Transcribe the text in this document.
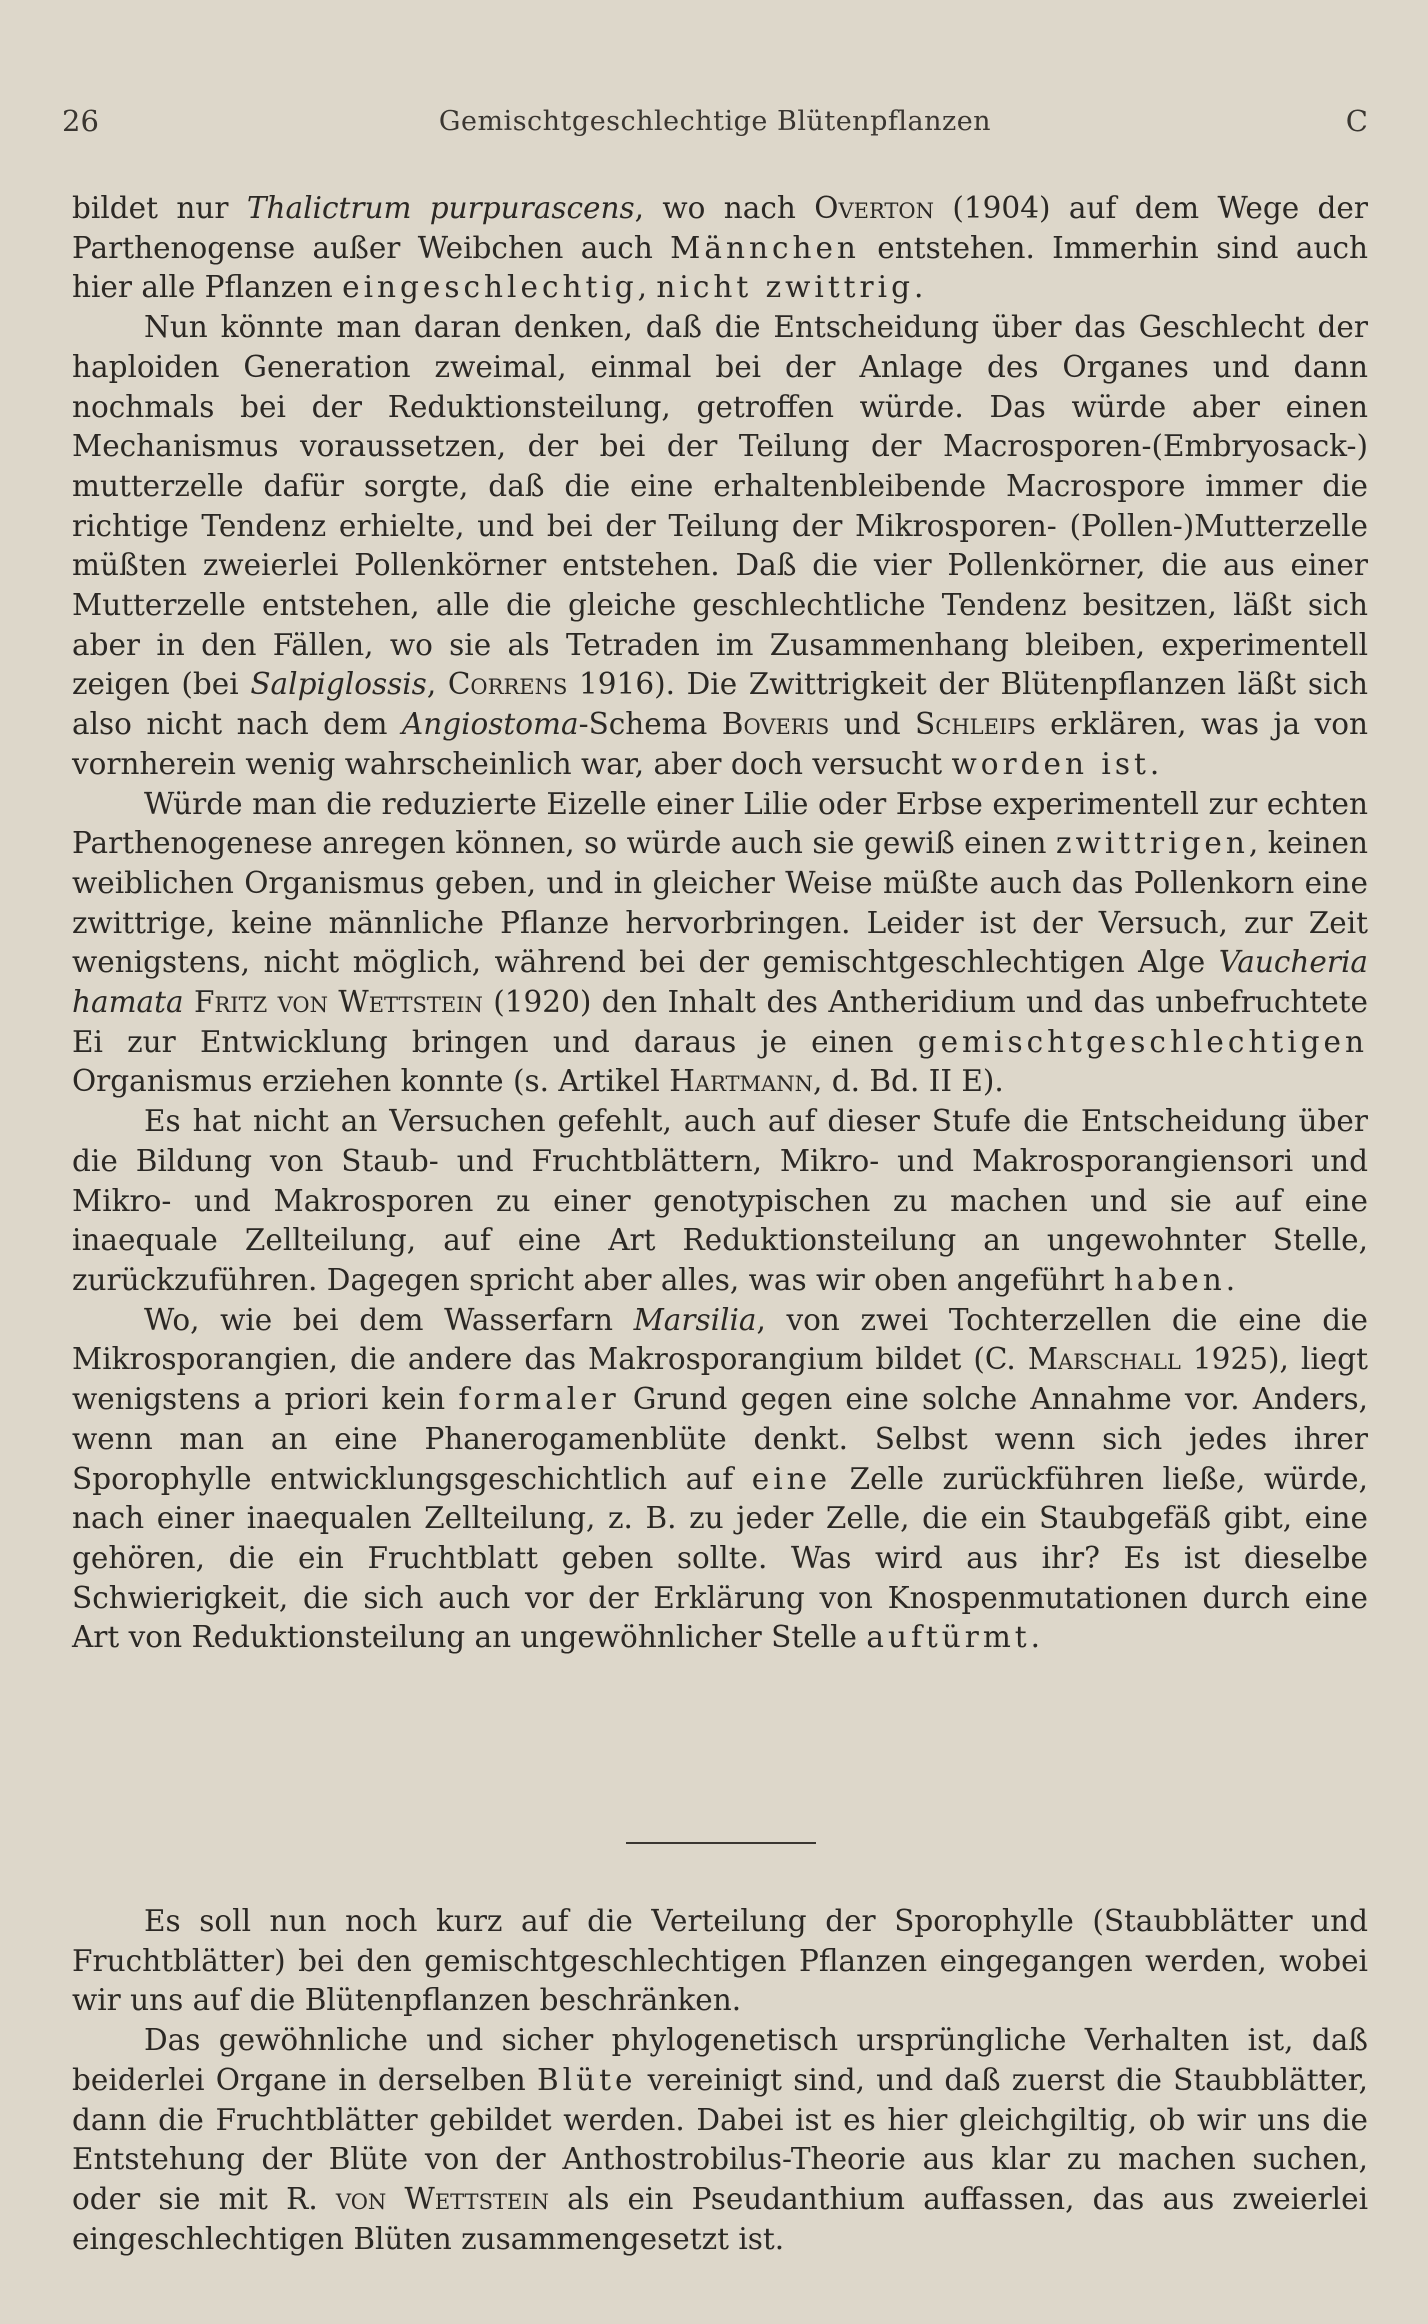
26	Gemischtgeschlechtige Blütenpflanzen	C

bildet nur Thalictrum purpurascens, wo nach Overton (1904) auf dem Wege der Parthenogense außer Weibchen auch Männchen entstehen. Immerhin sind auch hier alle Pflanzen eingeschlechtig, nicht zwittrig.

Nun könnte man daran denken, daß die Entscheidung über das Geschlecht der haploiden Generation zweimal, einmal bei der Anlage des Organes und dann nochmals bei der Reduktionsteilung, getroffen würde. Das würde aber einen Mechanismus voraussetzen, der bei der Teilung der Macrosporen-(Embryosack-) mutterzelle dafür sorgte, daß die eine erhaltenbleibende Macrospore immer die richtige Tendenz erhielte, und bei der Teilung der Mikrosporen- (Pollen-)Mutterzelle müßten zweierlei Pollenkörner entstehen. Daß die vier Pollenkörner, die aus einer Mutterzelle entstehen, alle die gleiche geschlechtliche Tendenz besitzen, läßt sich aber in den Fällen, wo sie als Tetraden im Zusammenhang bleiben, experimentell zeigen (bei Salpiglossis, Correns 1916). Die Zwittrigkeit der Blütenpflanzen läßt sich also nicht nach dem Angiostoma-Schema Boveris und Schleips erklären, was ja von vornherein wenig wahrscheinlich war, aber doch versucht worden ist.

Würde man die reduzierte Eizelle einer Lilie oder Erbse experimentell zur echten Parthenogenese anregen können, so würde auch sie gewiß einen zwittrigen, keinen weiblichen Organismus geben, und in gleicher Weise müßte auch das Pollenkorn eine zwittrige, keine männliche Pflanze hervorbringen. Leider ist der Versuch, zur Zeit wenigstens, nicht möglich, während bei der gemischtgeschlechtigen Alge Vaucheria hamata Fritz von Wettstein (1920) den Inhalt des Antheridium und das unbefruchtete Ei zur Entwicklung bringen und daraus je einen gemischtgeschlechtigen Organismus erziehen konnte (s. Artikel Hartmann, d. Bd. II E).

Es hat nicht an Versuchen gefehlt, auch auf dieser Stufe die Entscheidung über die Bildung von Staub- und Fruchtblättern, Mikro- und Makrosporangiensori und Mikro- und Makrosporen zu einer genotypischen zu machen und sie auf eine inaequale Zellteilung, auf eine Art Reduktionsteilung an ungewohnter Stelle, zurückzuführen. Dagegen spricht aber alles, was wir oben angeführt haben.

Wo, wie bei dem Wasserfarn Marsilia, von zwei Tochterzellen die eine die Mikrosporangien, die andere das Makrosporangium bildet (C. Marschall 1925), liegt wenigstens a priori kein formaler Grund gegen eine solche Annahme vor. Anders, wenn man an eine Phanerogamenblüte denkt. Selbst wenn sich jedes ihrer Sporophylle entwicklungsgeschichtlich auf eine Zelle zurückführen ließe, würde, nach einer inaequalen Zellteilung, z. B. zu jeder Zelle, die ein Staubgefäß gibt, eine gehören, die ein Fruchtblatt geben sollte. Was wird aus ihr? Es ist dieselbe Schwierigkeit, die sich auch vor der Erklärung von Knospenmutationen durch eine Art von Reduktionsteilung an ungewöhnlicher Stelle auftürmt.

Es soll nun noch kurz auf die Verteilung der Sporophylle (Staubblätter und Fruchtblätter) bei den gemischtgeschlechtigen Pflanzen eingegangen werden, wobei wir uns auf die Blütenpflanzen beschränken.

Das gewöhnliche und sicher phylogenetisch ursprüngliche Verhalten ist, daß beiderlei Organe in derselben Blüte vereinigt sind, und daß zuerst die Staubblätter, dann die Fruchtblätter gebildet werden. Dabei ist es hier gleichgiltig, ob wir uns die Entstehung der Blüte von der Anthostrobilus-Theorie aus klar zu machen suchen, oder sie mit R. von Wettstein als ein Pseudanthium auffassen, das aus zweierlei eingeschlechtigen Blüten zusammengesetzt ist.
